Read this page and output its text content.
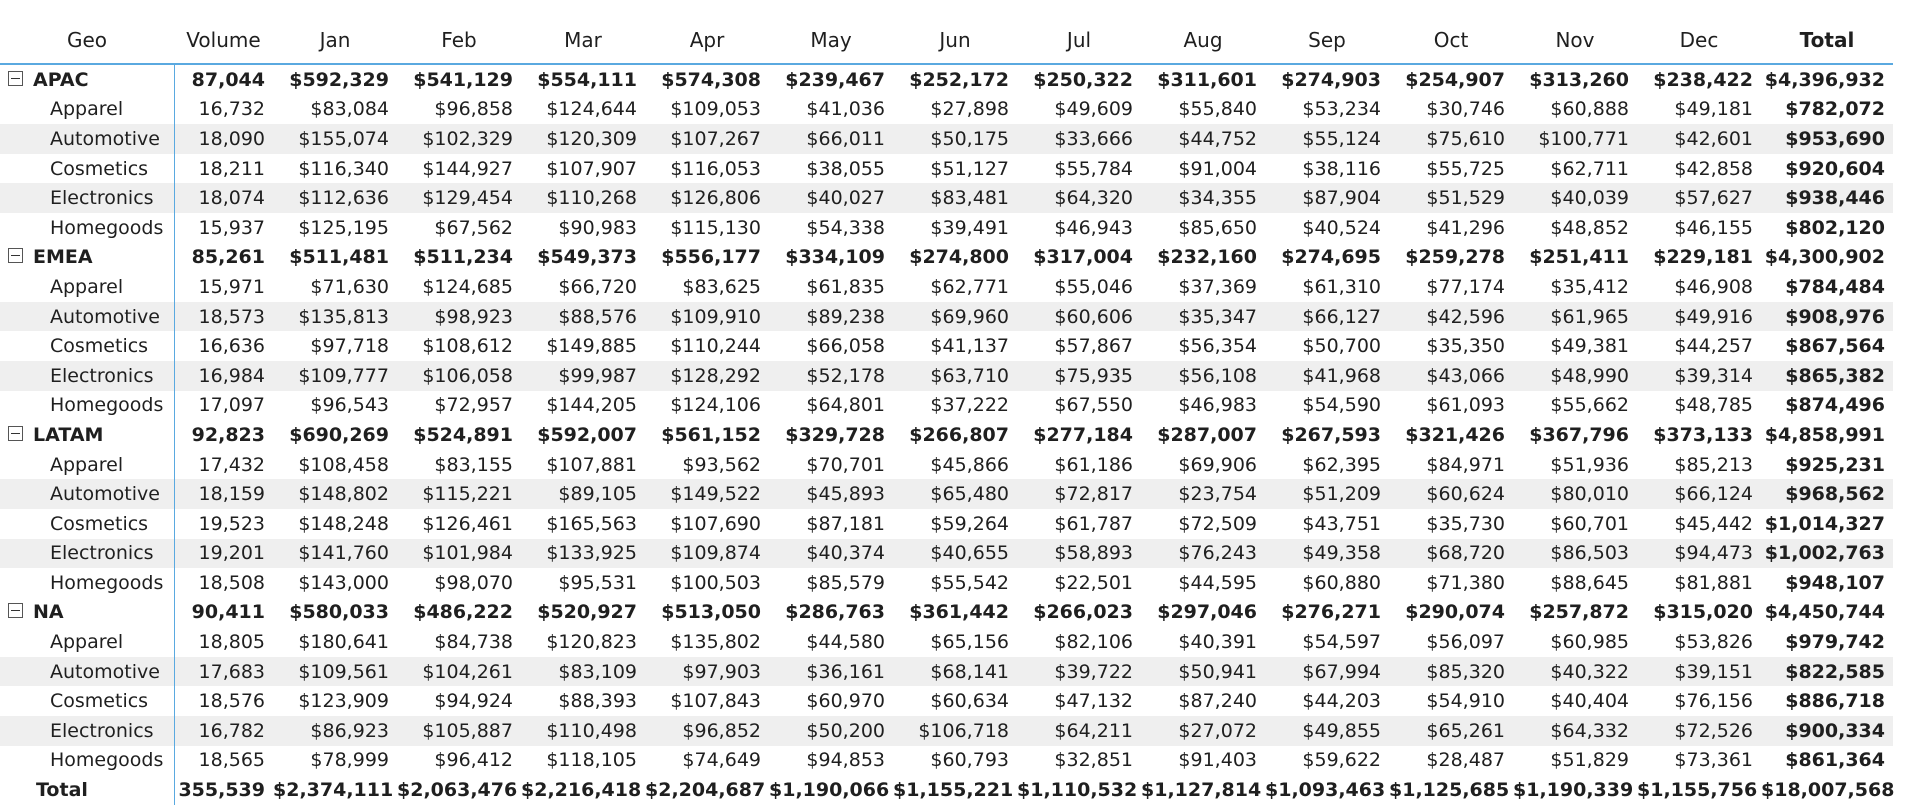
Geo	Volume	Jan	Feb	Mar	Apr	May	Jun	Jul	Aug	Sep	Oct	Nov	Dec	Total
APAC	87,044	$592,329	$541,129	$554,111	$574,308	$239,467	$252,172	$250,322	$311,601	$274,903	$254,907	$313,260	$238,422	$4,396,932
Apparel	16,732	$83,084	$96,858	$124,644	$109,053	$41,036	$27,898	$49,609	$55,840	$53,234	$30,746	$60,888	$49,181	$782,072
Automotive	18,090	$155,074	$102,329	$120,309	$107,267	$66,011	$50,175	$33,666	$44,752	$55,124	$75,610	$100,771	$42,601	$953,690
Cosmetics	18,211	$116,340	$144,927	$107,907	$116,053	$38,055	$51,127	$55,784	$91,004	$38,116	$55,725	$62,711	$42,858	$920,604
Electronics	18,074	$112,636	$129,454	$110,268	$126,806	$40,027	$83,481	$64,320	$34,355	$87,904	$51,529	$40,039	$57,627	$938,446
Homegoods	15,937	$125,195	$67,562	$90,983	$115,130	$54,338	$39,491	$46,943	$85,650	$40,524	$41,296	$48,852	$46,155	$802,120
EMEA	85,261	$511,481	$511,234	$549,373	$556,177	$334,109	$274,800	$317,004	$232,160	$274,695	$259,278	$251,411	$229,181	$4,300,902
Apparel	15,971	$71,630	$124,685	$66,720	$83,625	$61,835	$62,771	$55,046	$37,369	$61,310	$77,174	$35,412	$46,908	$784,484
Automotive	18,573	$135,813	$98,923	$88,576	$109,910	$89,238	$69,960	$60,606	$35,347	$66,127	$42,596	$61,965	$49,916	$908,976
Cosmetics	16,636	$97,718	$108,612	$149,885	$110,244	$66,058	$41,137	$57,867	$56,354	$50,700	$35,350	$49,381	$44,257	$867,564
Electronics	16,984	$109,777	$106,058	$99,987	$128,292	$52,178	$63,710	$75,935	$56,108	$41,968	$43,066	$48,990	$39,314	$865,382
Homegoods	17,097	$96,543	$72,957	$144,205	$124,106	$64,801	$37,222	$67,550	$46,983	$54,590	$61,093	$55,662	$48,785	$874,496
LATAM	92,823	$690,269	$524,891	$592,007	$561,152	$329,728	$266,807	$277,184	$287,007	$267,593	$321,426	$367,796	$373,133	$4,858,991
Apparel	17,432	$108,458	$83,155	$107,881	$93,562	$70,701	$45,866	$61,186	$69,906	$62,395	$84,971	$51,936	$85,213	$925,231
Automotive	18,159	$148,802	$115,221	$89,105	$149,522	$45,893	$65,480	$72,817	$23,754	$51,209	$60,624	$80,010	$66,124	$968,562
Cosmetics	19,523	$148,248	$126,461	$165,563	$107,690	$87,181	$59,264	$61,787	$72,509	$43,751	$35,730	$60,701	$45,442	$1,014,327
Electronics	19,201	$141,760	$101,984	$133,925	$109,874	$40,374	$40,655	$58,893	$76,243	$49,358	$68,720	$86,503	$94,473	$1,002,763
Homegoods	18,508	$143,000	$98,070	$95,531	$100,503	$85,579	$55,542	$22,501	$44,595	$60,880	$71,380	$88,645	$81,881	$948,107
NA	90,411	$580,033	$486,222	$520,927	$513,050	$286,763	$361,442	$266,023	$297,046	$276,271	$290,074	$257,872	$315,020	$4,450,744
Apparel	18,805	$180,641	$84,738	$120,823	$135,802	$44,580	$65,156	$82,106	$40,391	$54,597	$56,097	$60,985	$53,826	$979,742
Automotive	17,683	$109,561	$104,261	$83,109	$97,903	$36,161	$68,141	$39,722	$50,941	$67,994	$85,320	$40,322	$39,151	$822,585
Cosmetics	18,576	$123,909	$94,924	$88,393	$107,843	$60,970	$60,634	$47,132	$87,240	$44,203	$54,910	$40,404	$76,156	$886,718
Electronics	16,782	$86,923	$105,887	$110,498	$96,852	$50,200	$106,718	$64,211	$27,072	$49,855	$65,261	$64,332	$72,526	$900,334
Homegoods	18,565	$78,999	$96,412	$118,105	$74,649	$94,853	$60,793	$32,851	$91,403	$59,622	$28,487	$51,829	$73,361	$861,364
Total	355,539	$2,374,111	$2,063,476	$2,216,418	$2,204,687	$1,190,066	$1,155,221	$1,110,532	$1,127,814	$1,093,463	$1,125,685	$1,190,339	$1,155,756	$18,007,568
